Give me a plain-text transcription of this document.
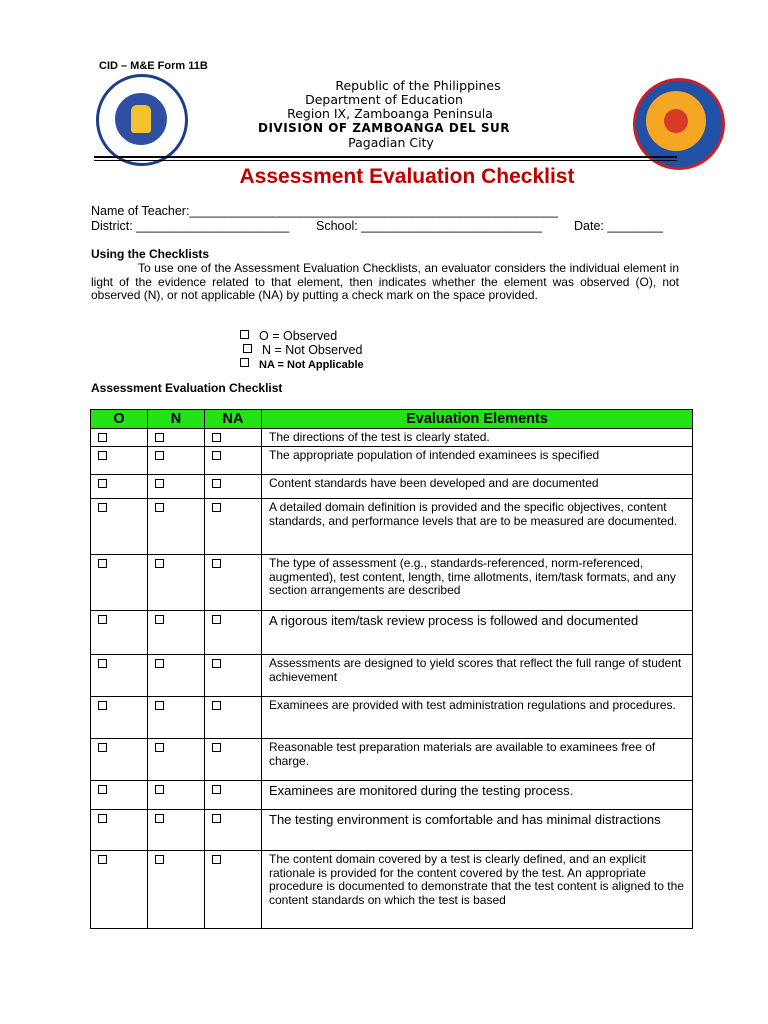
CID – M&E Form 11B
Republic of the Philippines
Department of Education
Region IX, Zamboanga Peninsula
DIVISION OF ZAMBOANGA DEL SUR
Pagadian City
Assessment Evaluation Checklist
Name of Teacher:_____________________________________________________
District: ______________________ School: __________________________	Date: ________
Using the Checklists
To use one of the Assessment Evaluation Checklists, an evaluator considers the individual element in light of the evidence related to that element, then indicates whether the element was observed (O), not observed (N), or not applicable (NA) by putting a check mark on the space provided.
O = Observed
N = Not Observed
NA = Not Applicable
Assessment Evaluation Checklist
O	N	NA	Evaluation Elements
			The directions of the test is clearly stated.
			The appropriate population of intended examinees is specified
			Content standards have been developed and are documented
			A detailed domain definition is provided and the specific objectives, content standards, and performance levels that are to be measured are documented.
			The type of assessment (e.g., standards-referenced, norm-referenced, augmented), test content, length, time allotments, item/task formats, and any section arrangements are described
			A rigorous item/task review process is followed and documented
			Assessments are designed to yield scores that reflect the full range of student achievement
			Examinees are provided with test administration regulations and procedures.
			Reasonable test preparation materials are available to examinees free of charge.
			Examinees are monitored during the testing process.
			The testing environment is comfortable and has minimal distractions
			The content domain covered by a test is clearly defined, and an explicit rationale is provided for the content covered by the test. An appropriate procedure is documented to demonstrate that the test content is aligned to the content standards on which the test is based
